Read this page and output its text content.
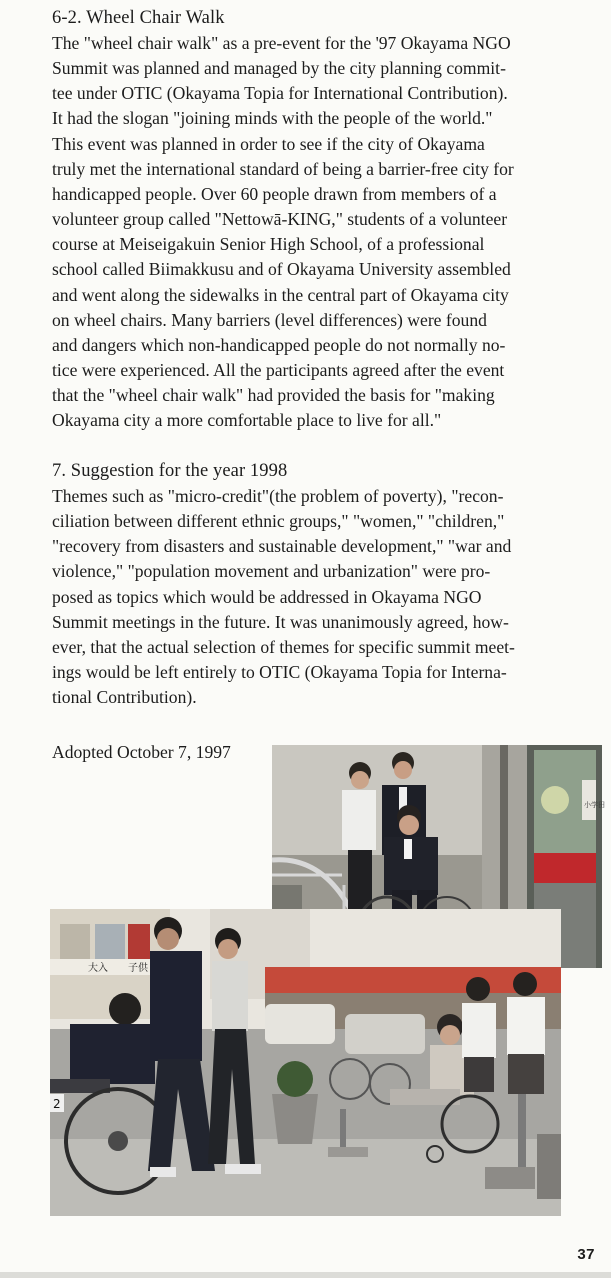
6-2. Wheel Chair Walk

The "wheel chair walk" as a pre-event for the '97 Okayama NGO
Summit was planned and managed by the city planning commit-
tee under OTIC (Okayama Topia for International Contribution).
It had the slogan "joining minds with the people of the world."
This event was planned in order to see if the city of Okayama
truly met the international standard of being a barrier-free city for
handicapped people. Over 60 people drawn from members of a
volunteer group called "Nettowā-KING," students of a volunteer
course at Meiseigakuin Senior High School, of a professional
school called Biimakkusu and of Okayama University assembled
and went along the sidewalks in the central part of Okayama city
on wheel chairs. Many barriers (level differences) were found
and dangers which non-handicapped people do not normally no-
tice were experienced. All the participants agreed after the event
that the "wheel chair walk" had provided the basis for "making
Okayama city a more comfortable place to live for all."

7. Suggestion for the year 1998

Themes such as "micro-credit"(the problem of poverty), "recon-
ciliation between different ethnic groups," "women," "children,"
"recovery from disasters and sustainable development," "war and
violence," "population movement and urbanization" were pro-
posed as topics which would be addressed in Okayama NGO
Summit meetings in the future. It was unanimously agreed, how-
ever, that the actual selection of themes for specific summit meet-
ings would be left entirely to OTIC (Okayama Topia for Interna-
tional Contribution).

Adopted October 7, 1997

小学田
大入 子供
2
37
